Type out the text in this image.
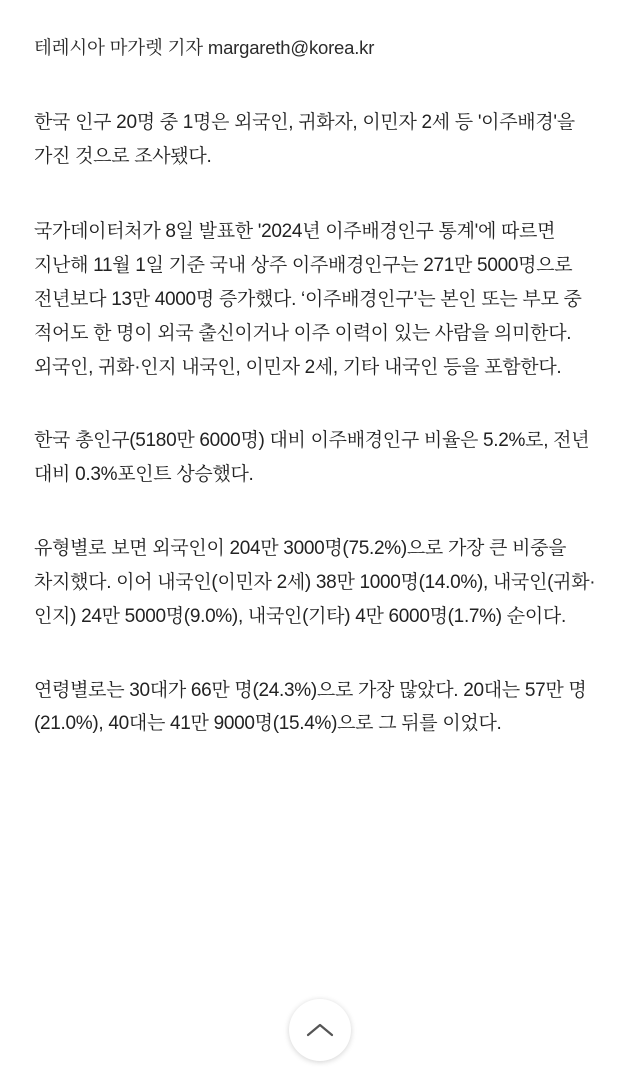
테레시아 마가렛 기자 margareth@korea.kr

한국 인구 20명 중 1명은 외국인, 귀화자, 이민자 2세 등 '이주배경'을 가진 것으로 조사됐다.

국가데이터처가 8일 발표한 '2024년 이주배경인구 통계'에 따르면 지난해 11월 1일 기준 국내 상주 이주배경인구는 271만 5000명으로 전년보다 13만 4000명 증가했다. ‘이주배경인구’는 본인 또는 부모 중 적어도 한 명이 외국 출신이거나 이주 이력이 있는 사람을 의미한다. 외국인, 귀화·인지 내국인, 이민자 2세, 기타 내국인 등을 포함한다.

한국 총인구(5180만 6000명) 대비 이주배경인구 비율은 5.2%로, 전년 대비 0.3%포인트 상승했다.

유형별로 보면 외국인이 204만 3000명(75.2%)으로 가장 큰 비중을 차지했다. 이어 내국인(이민자 2세) 38만 1000명(14.0%), 내국인(귀화·인지) 24만 5000명(9.0%), 내국인(기타) 4만 6000명(1.7%) 순이다.

연령별로는 30대가 66만 명(24.3%)으로 가장 많았다. 20대는 57만 명(21.0%), 40대는 41만 9000명(15.4%)으로 그 뒤를 이었다.
